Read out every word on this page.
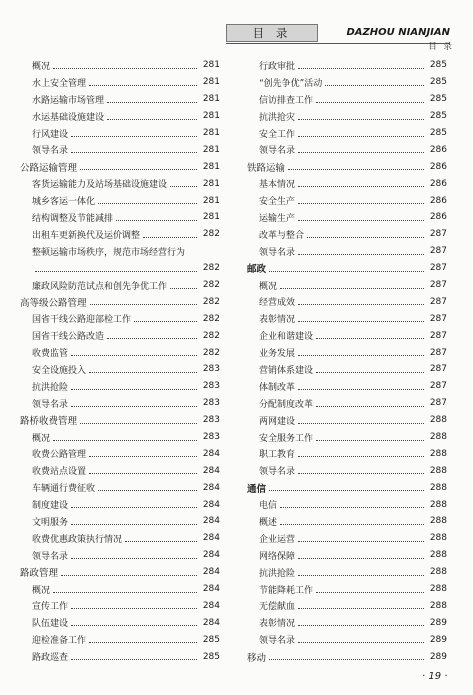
目 录	DAZHOU NIANJIAN
目 录
概况	281
水上安全管理	281
水路运输市场管理	281
水运基础设施建设	281
行风建设	281
领导名录	281
公路运输管理	281
客货运输能力及站场基础设施建设	281
城乡客运一体化	281
结构调整及节能减排	281
出租车更新换代及运价调整	282
整顿运输市场秩序，规范市场经营行为
282
廉政风险防范试点和创先争优工作	282
高等级公路管理	282
国省干线公路迎部检工作	282
国省干线公路改造	282
收费监管	282
安全设施投入	283
抗洪抢险	283
领导名录	283
路桥收费管理	283
概况	283
收费公路管理	284
收费站点设置	284
车辆通行费征收	284
制度建设	284
文明服务	284
收费优惠政策执行情况	284
领导名录	284
路政管理	284
概况	284
宣传工作	284
队伍建设	284
迎检准备工作	285
路政巡查	285
行政审批	285
“创先争优”活动	285
信访排查工作	285
抗洪抢灾	285
安全工作	285
领导名录	286
铁路运输	286
基本情况	286
安全生产	286
运输生产	286
改革与整合	287
领导名录	287
邮政	287
概况	287
经营成效	287
表彰情况	287
企业和谐建设	287
业务发展	287
营销体系建设	287
体制改革	287
分配制度改革	287
两网建设	288
安全服务工作	288
职工教育	288
领导名录	288
通信	288
电信	288
概述	288
企业运营	288
网络保障	288
抗洪抢险	288
节能降耗工作	288
无偿献血	288
表彰情况	289
领导名录	289
移动	289
· 19 ·
